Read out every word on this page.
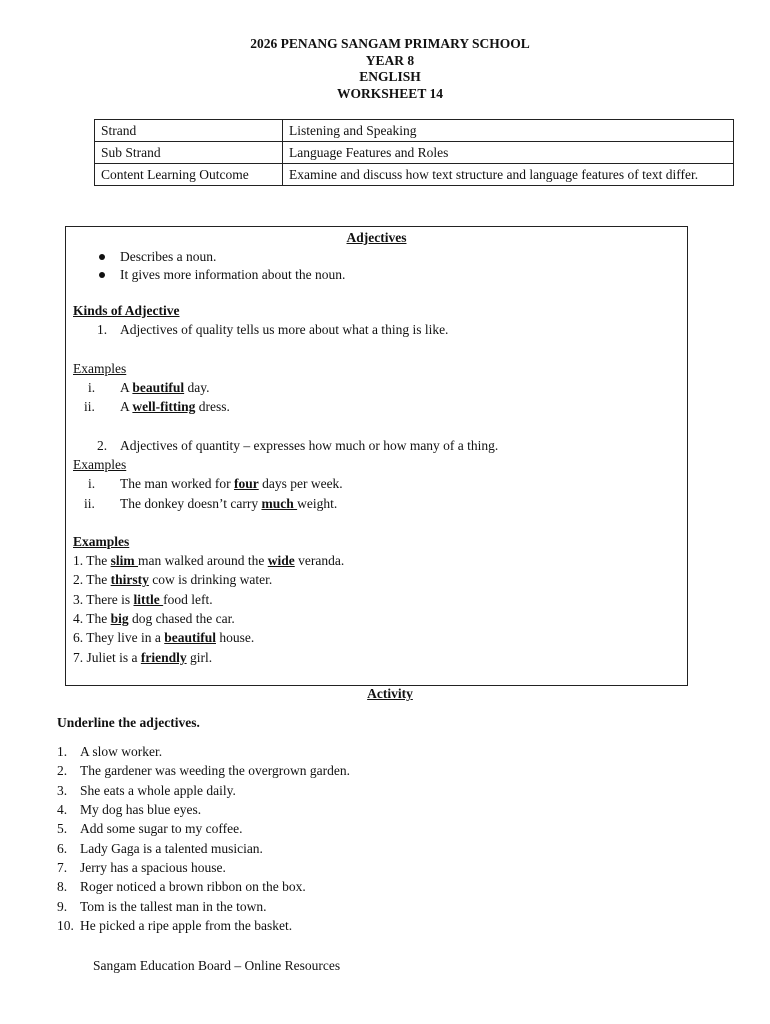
2026 PENANG SANGAM PRIMARY SCHOOL
YEAR 8
ENGLISH
WORKSHEET 14
Strand	Listening and Speaking
Sub Strand	Language Features and Roles
Content Learning Outcome	Examine and discuss how text structure and language features of text differ.
Adjectives
Describes a noun.
It gives more information about the noun.
Kinds of Adjective
1. Adjectives of quality tells us more about what a thing is like.
Examples
i. A beautiful day.
ii. A well-fitting dress.
2. Adjectives of quantity – expresses how much or how many of a thing.
Examples
i. The man worked for four days per week.
ii. The donkey doesn’t carry much weight.
Examples
1. The slim man walked around the wide veranda.
2. The thirsty cow is drinking water.
3. There is little food left.
4. The big dog chased the car.
6. They live in a beautiful house.
7. Juliet is a friendly girl.
Activity
Underline the adjectives.
1. A slow worker.
2. The gardener was weeding the overgrown garden.
3. She eats a whole apple daily.
4. My dog has blue eyes.
5. Add some sugar to my coffee.
6. Lady Gaga is a talented musician.
7. Jerry has a spacious house.
8. Roger noticed a brown ribbon on the box.
9. Tom is the tallest man in the town.
10. He picked a ripe apple from the basket.
Sangam Education Board – Online Resources
